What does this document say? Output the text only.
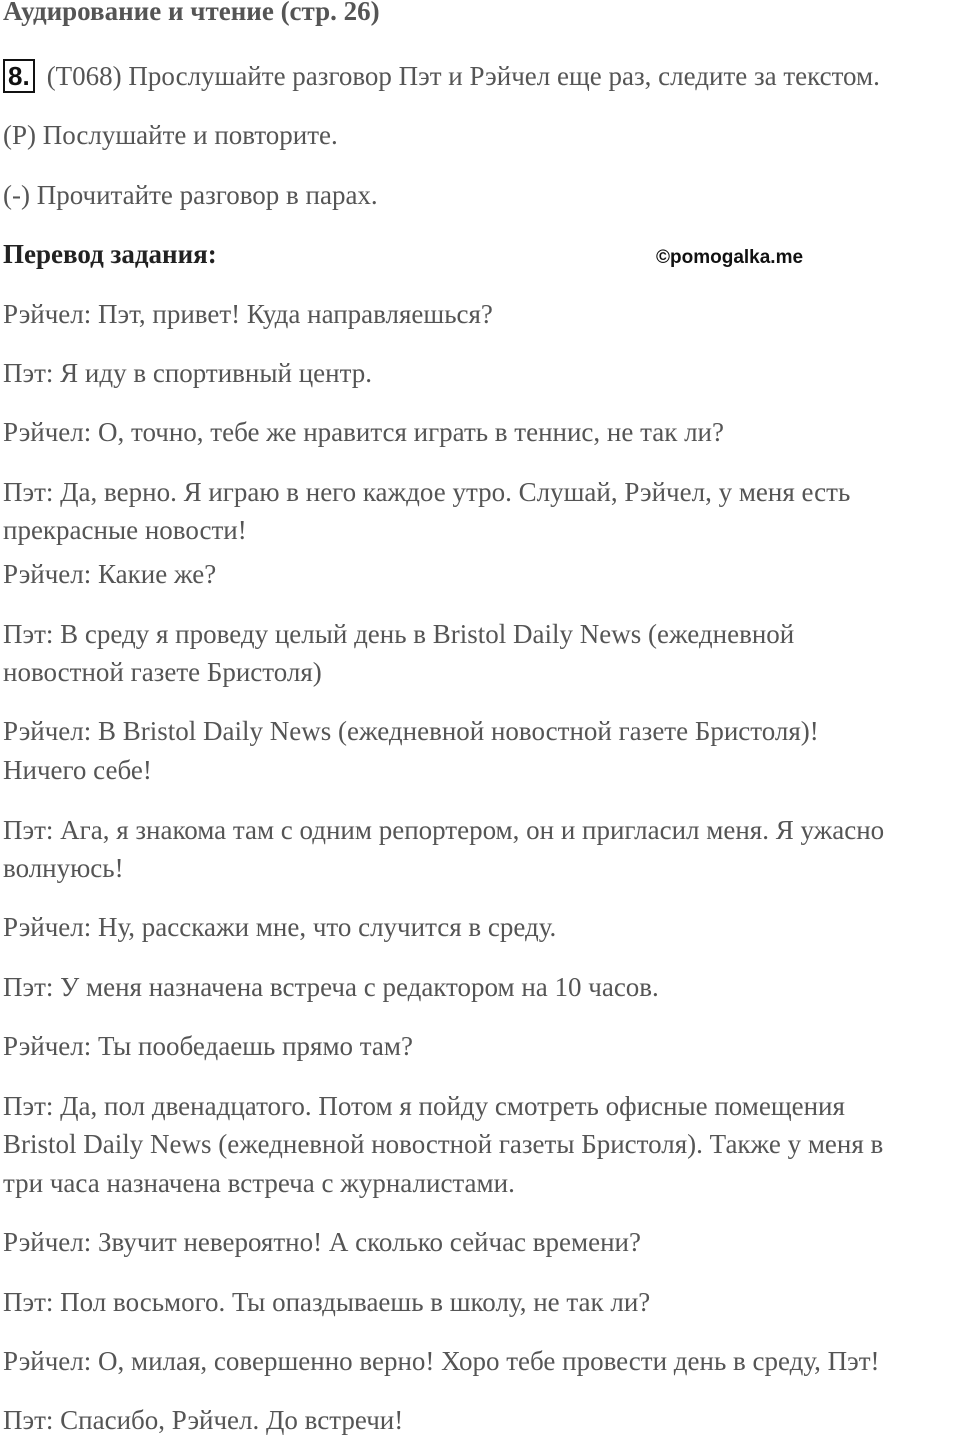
Аудирование и чтение (стр. 26)
8. (T068) Прослушайте разговор Пэт и Рэйчел еще раз, следите за текстом.
(P) Послушайте и повторите.
(-) Прочитайте разговор в парах.
Перевод задания:	©pomogalka.me
Рэйчел: Пэт, привет! Куда направляешься?
Пэт: Я иду в спортивный центр.
Рэйчел: О, точно, тебе же нравится играть в теннис, не так ли?
Пэт: Да, верно. Я играю в него каждое утро. Слушай, Рэйчел, у меня есть
прекрасные новости!
Рэйчел: Какие же?
Пэт: В среду я проведу целый день в Bristol Daily News (ежедневной
новостной газете Бристоля)
Рэйчел: В Bristol Daily News (ежедневной новостной газете Бристоля)!
Ничего себе!
Пэт: Ага, я знакома там с одним репортером, он и пригласил меня. Я ужасно
волнуюсь!
Рэйчел: Ну, расскажи мне, что случится в среду.
Пэт: У меня назначена встреча с редактором на 10 часов.
Рэйчел: Ты пообедаешь прямо там?
Пэт: Да, пол двенадцатого. Потом я пойду смотреть офисные помещения
Bristol Daily News (ежедневной новостной газеты Бристоля). Также у меня в
три часа назначена встреча с журналистами.
Рэйчел: Звучит невероятно! А сколько сейчас времени?
Пэт: Пол восьмого. Ты опаздываешь в школу, не так ли?
Рэйчел: О, милая, совершенно верно! Хоро тебе провести день в среду, Пэт!
Пэт: Спасибо, Рэйчел. До встречи!
